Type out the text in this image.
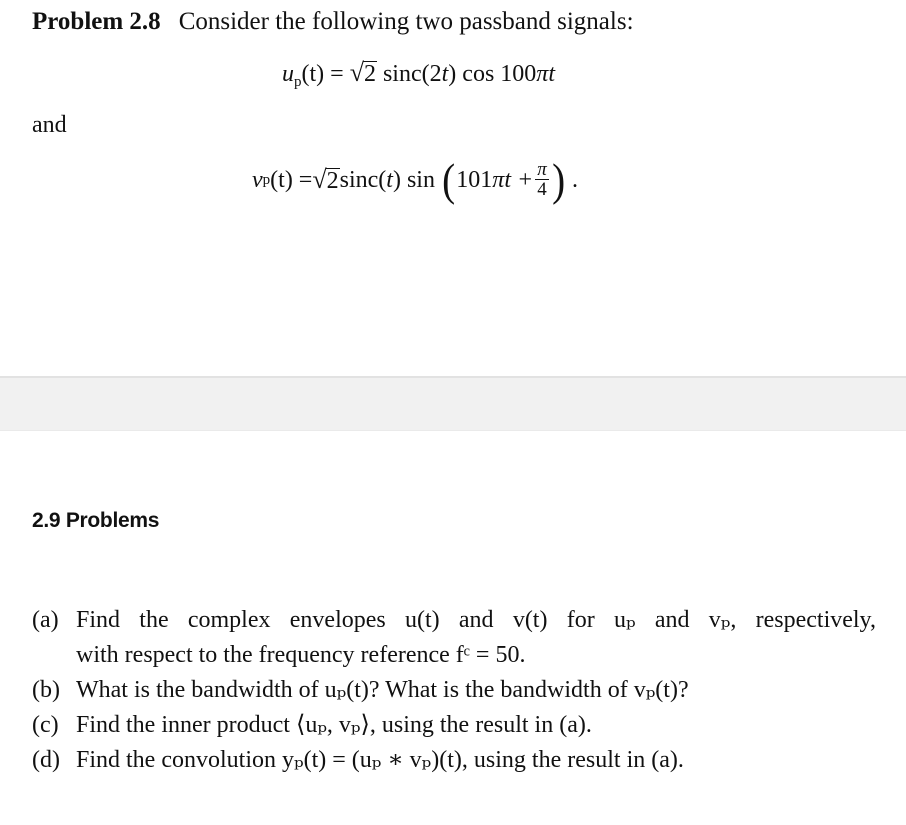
Problem 2.8 Consider the following two passband signals:
$u_p(t) = √2$ sinc(2t) cos 100πt
and
v p (t) = √ 2 sinc( t ) sin
( 101 π $t + \frac{\pi}{4}$ )
.
2.9 Problems
(a) Find the complex envelopes u(t) and v(t) for uₚ and vₚ, respectively,
with respect to the frequency reference fᶜ = 50.
(b) What is the bandwidth of uₚ(t)? What is the bandwidth of vₚ(t)?
(c) Find the inner product ⟨uₚ, vₚ⟩, using the result in (a).
(d) Find the convolution yₚ(t) = (uₚ ∗ vₚ)(t), using the result in (a).
